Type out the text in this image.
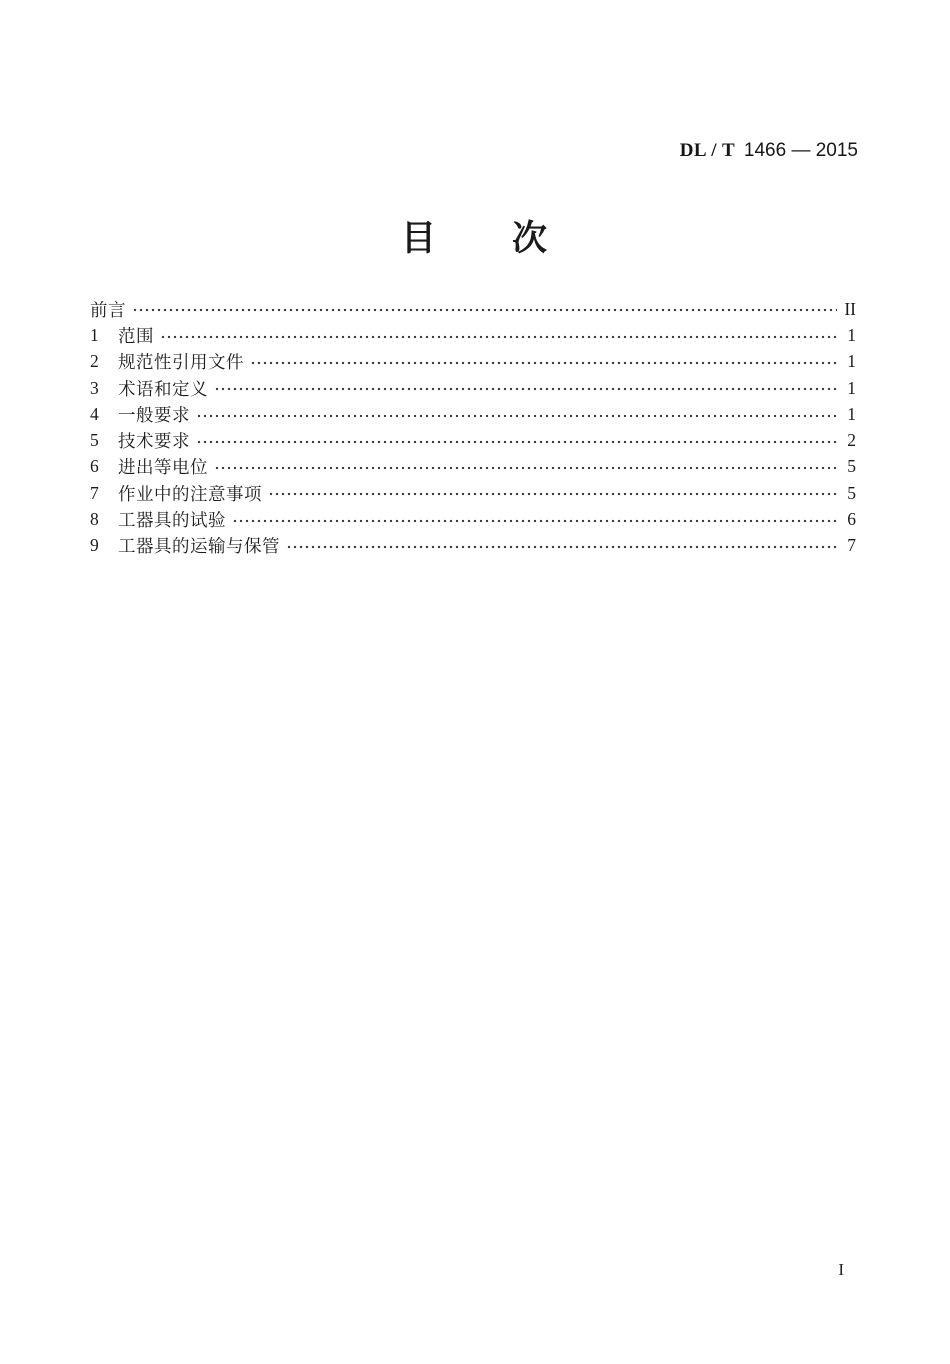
DL / T 1466 — 2015
目　　次
前言	II
1	范围	1
2	规范性引用文件	1
3	术语和定义	1
4	一般要求	1
5	技术要求	2
6	进出等电位	5
7	作业中的注意事项	5
8	工器具的试验	6
9	工器具的运输与保管	7
I
